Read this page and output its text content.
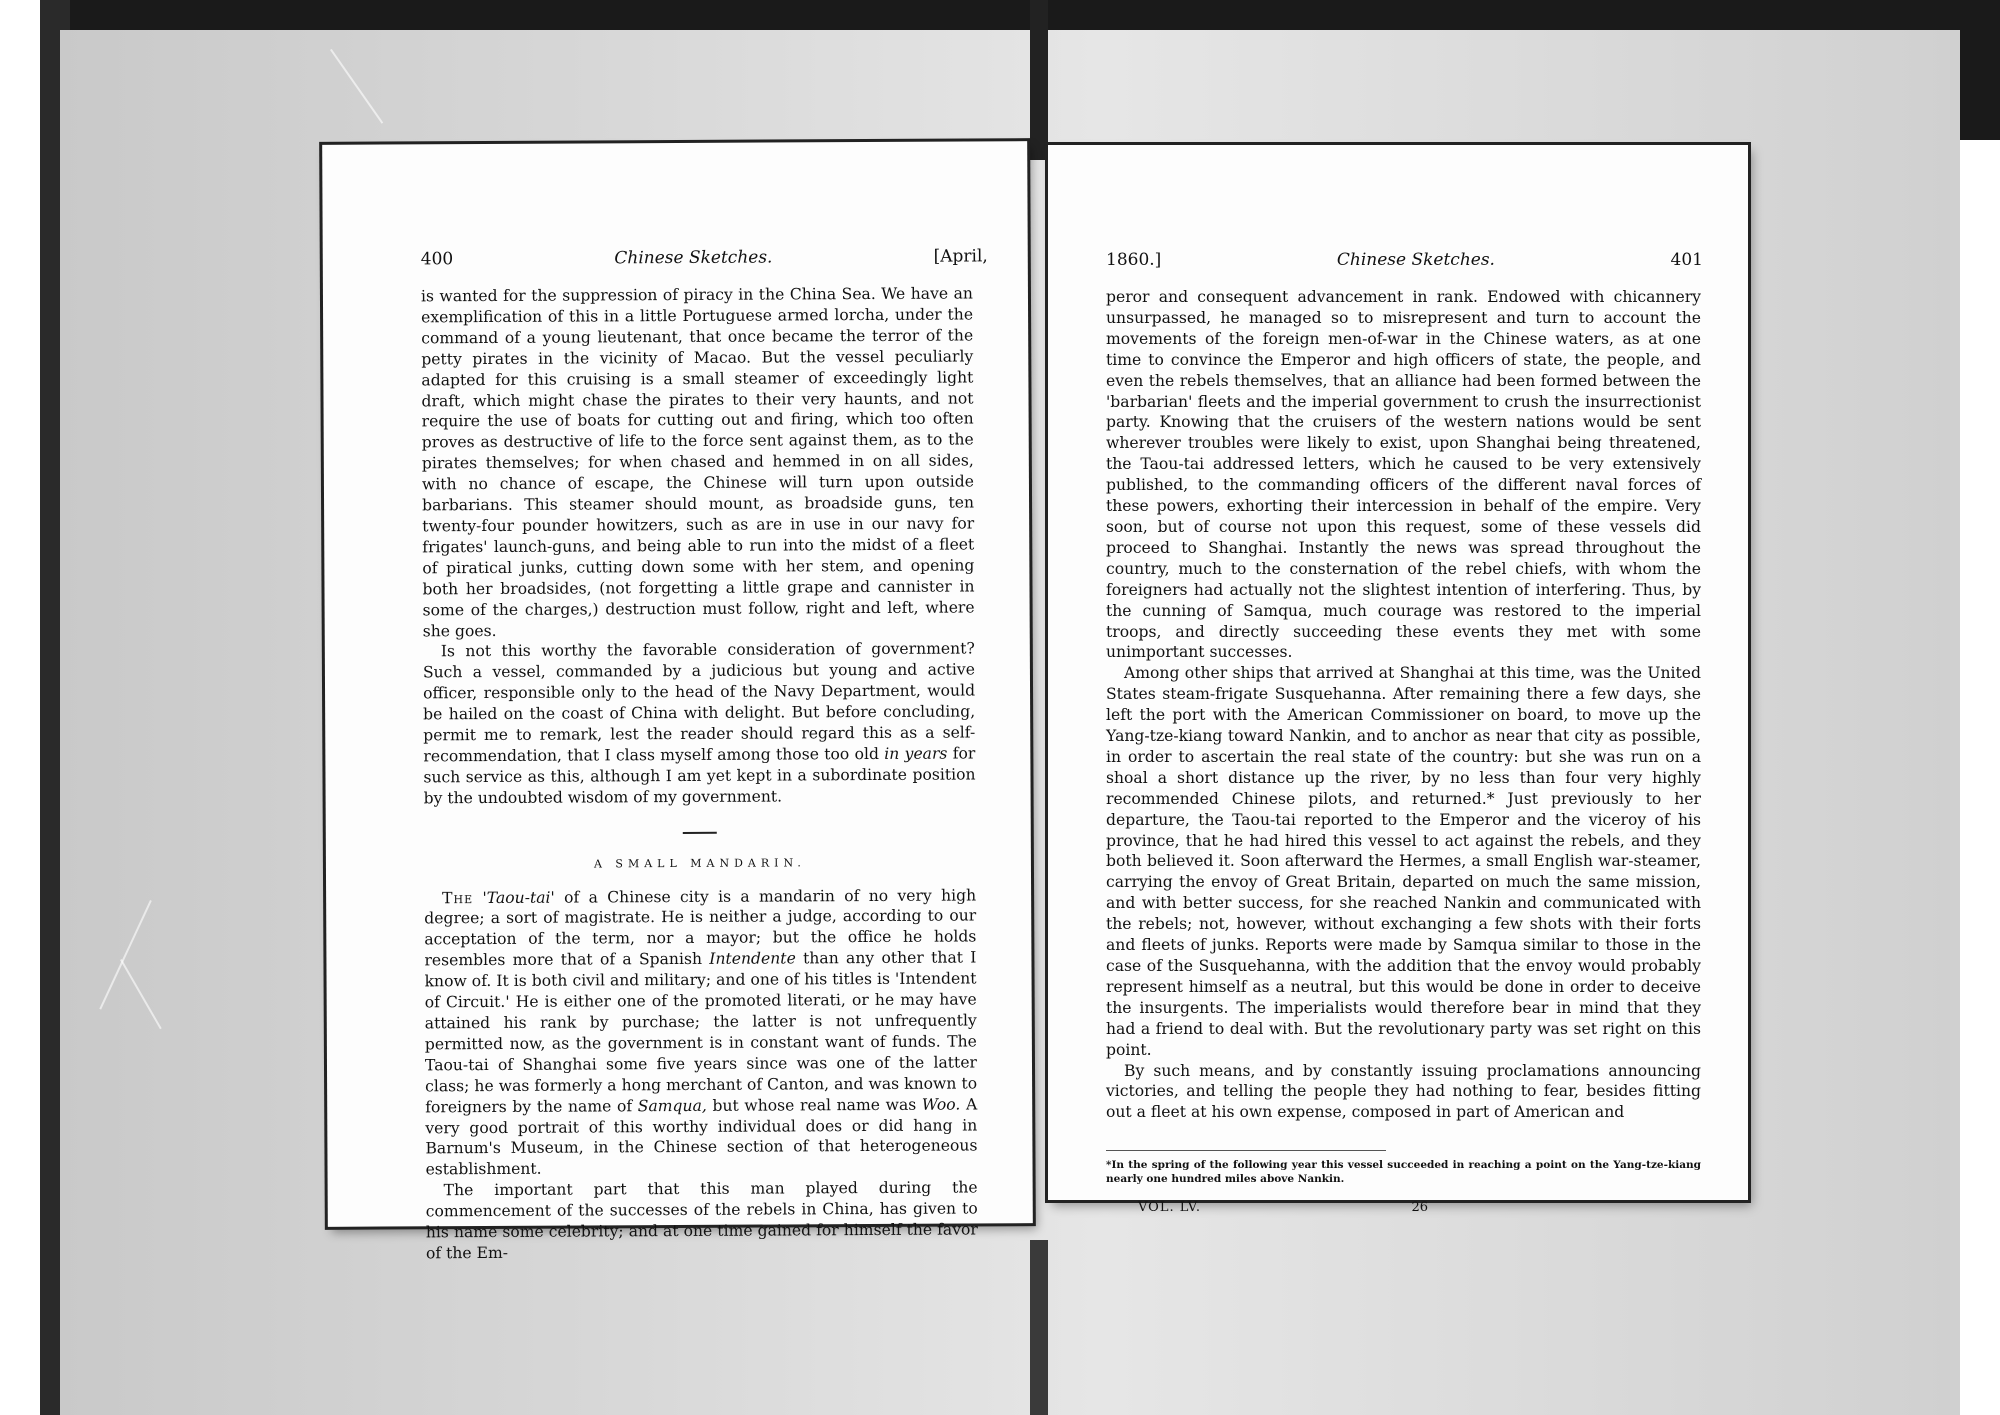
400	Chinese Sketches.	[April,

is wanted for the suppression of piracy in the China Sea. We have an exemplification of this in a little Portuguese armed lorcha, under the command of a young lieutenant, that once became the terror of the petty pirates in the vicinity of Macao. But the vessel peculiarly adapted for this cruising is a small steamer of exceedingly light draft, which might chase the pirates to their very haunts, and not require the use of boats for cutting out and firing, which too often proves as destructive of life to the force sent against them, as to the pirates themselves; for when chased and hemmed in on all sides, with no chance of escape, the Chinese will turn upon outside barbarians. This steamer should mount, as broadside guns, ten twenty-four pounder howitzers, such as are in use in our navy for frigates' launch-guns, and being able to run into the midst of a fleet of piratical junks, cutting down some with her stem, and opening both her broadsides, (not forgetting a little grape and cannister in some of the charges,) destruction must follow, right and left, where she goes.

Is not this worthy the favorable consideration of government? Such a vessel, commanded by a judicious but young and active officer, responsible only to the head of the Navy Department, would be hailed on the coast of China with delight. But before concluding, permit me to remark, lest the reader should regard this as a self-recommendation, that I class myself among those too old in years for such service as this, although I am yet kept in a subordinate position by the undoubted wisdom of my government.

A SMALL MANDARIN.

The 'Taou-tai' of a Chinese city is a mandarin of no very high degree; a sort of magistrate. He is neither a judge, according to our acceptation of the term, nor a mayor; but the office he holds resembles more that of a Spanish Intendente than any other that I know of. It is both civil and military; and one of his titles is 'Intendent of Circuit.' He is either one of the promoted literati, or he may have attained his rank by purchase; the latter is not unfrequently permitted now, as the government is in constant want of funds. The Taou-tai of Shanghai some five years since was one of the latter class; he was formerly a hong merchant of Canton, and was known to foreigners by the name of Samqua, but whose real name was Woo. A very good portrait of this worthy individual does or did hang in Barnum's Museum, in the Chinese section of that heterogeneous establishment.

The important part that this man played during the commencement of the successes of the rebels in China, has given to his name some celebrity; and at one time gained for himself the favor of the Em-

1860.]	Chinese Sketches.	401

peror and consequent advancement in rank. Endowed with chicannery unsurpassed, he managed so to misrepresent and turn to account the movements of the foreign men-of-war in the Chinese waters, as at one time to convince the Emperor and high officers of state, the people, and even the rebels themselves, that an alliance had been formed between the 'barbarian' fleets and the imperial government to crush the insurrectionist party. Knowing that the cruisers of the western nations would be sent wherever troubles were likely to exist, upon Shanghai being threatened, the Taou-tai addressed letters, which he caused to be very extensively published, to the commanding officers of the different naval forces of these powers, exhorting their intercession in behalf of the empire. Very soon, but of course not upon this request, some of these vessels did proceed to Shanghai. Instantly the news was spread throughout the country, much to the consternation of the rebel chiefs, with whom the foreigners had actually not the slightest intention of interfering. Thus, by the cunning of Samqua, much courage was restored to the imperial troops, and directly succeeding these events they met with some unimportant successes.

Among other ships that arrived at Shanghai at this time, was the United States steam-frigate Susquehanna. After remaining there a few days, she left the port with the American Commissioner on board, to move up the Yang-tze-kiang toward Nankin, and to anchor as near that city as possible, in order to ascertain the real state of the country: but she was run on a shoal a short distance up the river, by no less than four very highly recommended Chinese pilots, and returned.* Just previously to her departure, the Taou-tai reported to the Emperor and the viceroy of his province, that he had hired this vessel to act against the rebels, and they both believed it. Soon afterward the Hermes, a small English war-steamer, carrying the envoy of Great Britain, departed on much the same mission, and with better success, for she reached Nankin and communicated with the rebels; not, however, without exchanging a few shots with their forts and fleets of junks. Reports were made by Samqua similar to those in the case of the Susquehanna, with the addition that the envoy would probably represent himself as a neutral, but this would be done in order to deceive the insurgents. The imperialists would therefore bear in mind that they had a friend to deal with. But the revolutionary party was set right on this point.

By such means, and by constantly issuing proclamations announcing victories, and telling the people they had nothing to fear, besides fitting out a fleet at his own expense, composed in part of American and

*In the spring of the following year this vessel succeeded in reaching a point on the Yang-tze-kiang nearly one hundred miles above Nankin.
VOL. LV.	26
